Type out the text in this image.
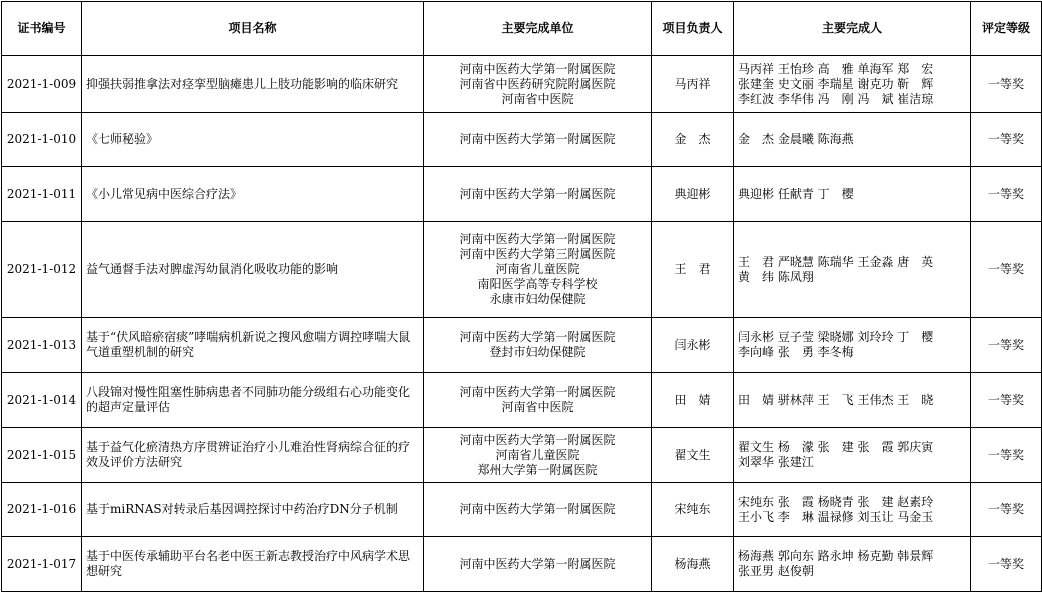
证书编号	项目名称	主要完成单位	项目负责人	主要完成人	评定等级
2021-1-009	抑强扶弱推拿法对痉挛型脑瘫患儿上肢功能影响的临床研究	河南中医药大学第一附属医院
河南省中医药研究院附属医院
河南省中医院	马丙祥	马丙祥 王怡珍 高　雅 单海军 郑　宏
张建奎 史文丽 李瑞星 谢克功 靳　辉
李红波 李华伟 冯　刚 冯　斌 崔洁琼	一等奖
2021-1-010	《七师秘验》	河南中医药大学第一附属医院	金　杰	金　杰 金晨曦 陈海燕	一等奖
2021-1-011	《小儿常见病中医综合疗法》	河南中医药大学第一附属医院	典迎彬	典迎彬 任献青 丁　樱	一等奖
2021-1-012	益气通督手法对脾虚泻幼鼠消化吸收功能的影响	河南中医药大学第一附属医院
河南中医药大学第三附属医院
河南省儿童医院
南阳医学高等专科学校
永康市妇幼保健院	王　君	王　君 严晓慧 陈瑞华 王金淼 唐　英
黄　纬 陈凤翔	一等奖
2021-1-013	基于“伏风暗瘀宿痰”哮喘病机新说之搜风愈喘方调控哮喘大鼠气道重塑机制的研究	河南中医药大学第一附属医院
登封市妇幼保健院	闫永彬	闫永彬 豆子莹 梁晓娜 刘玲玲 丁　樱
李向峰 张　勇 李冬梅	一等奖
2021-1-014	八段锦对慢性阻塞性肺病患者不同肺功能分级组右心功能变化的超声定量评估	河南中医药大学第一附属医院
河南省中医院	田　婧	田　婧 骈林萍 王　飞 王伟杰 王　晓	一等奖
2021-1-015	基于益气化瘀清热方序贯辨证治疗小儿难治性肾病综合征的疗效及评价方法研究	河南中医药大学第一附属医院
河南省儿童医院
郑州大学第一附属医院	翟文生	翟文生 杨　濛 张　建 张　霞 郭庆寅
刘翠华 张建江	一等奖
2021-1-016	基于miRNAS对转录后基因调控探讨中药治疗DN分子机制	河南中医药大学第一附属医院	宋纯东	宋纯东 张　霞 杨晓青 张　建 赵素玲
王小飞 李　琳 温禄修 刘玉让 马金玉	一等奖
2021-1-017	基于中医传承辅助平台名老中医王新志教授治疗中风病学术思想研究	河南中医药大学第一附属医院	杨海燕	杨海燕 郭向东 路永坤 杨克勤 韩景辉
张亚男 赵俊朝	一等奖
